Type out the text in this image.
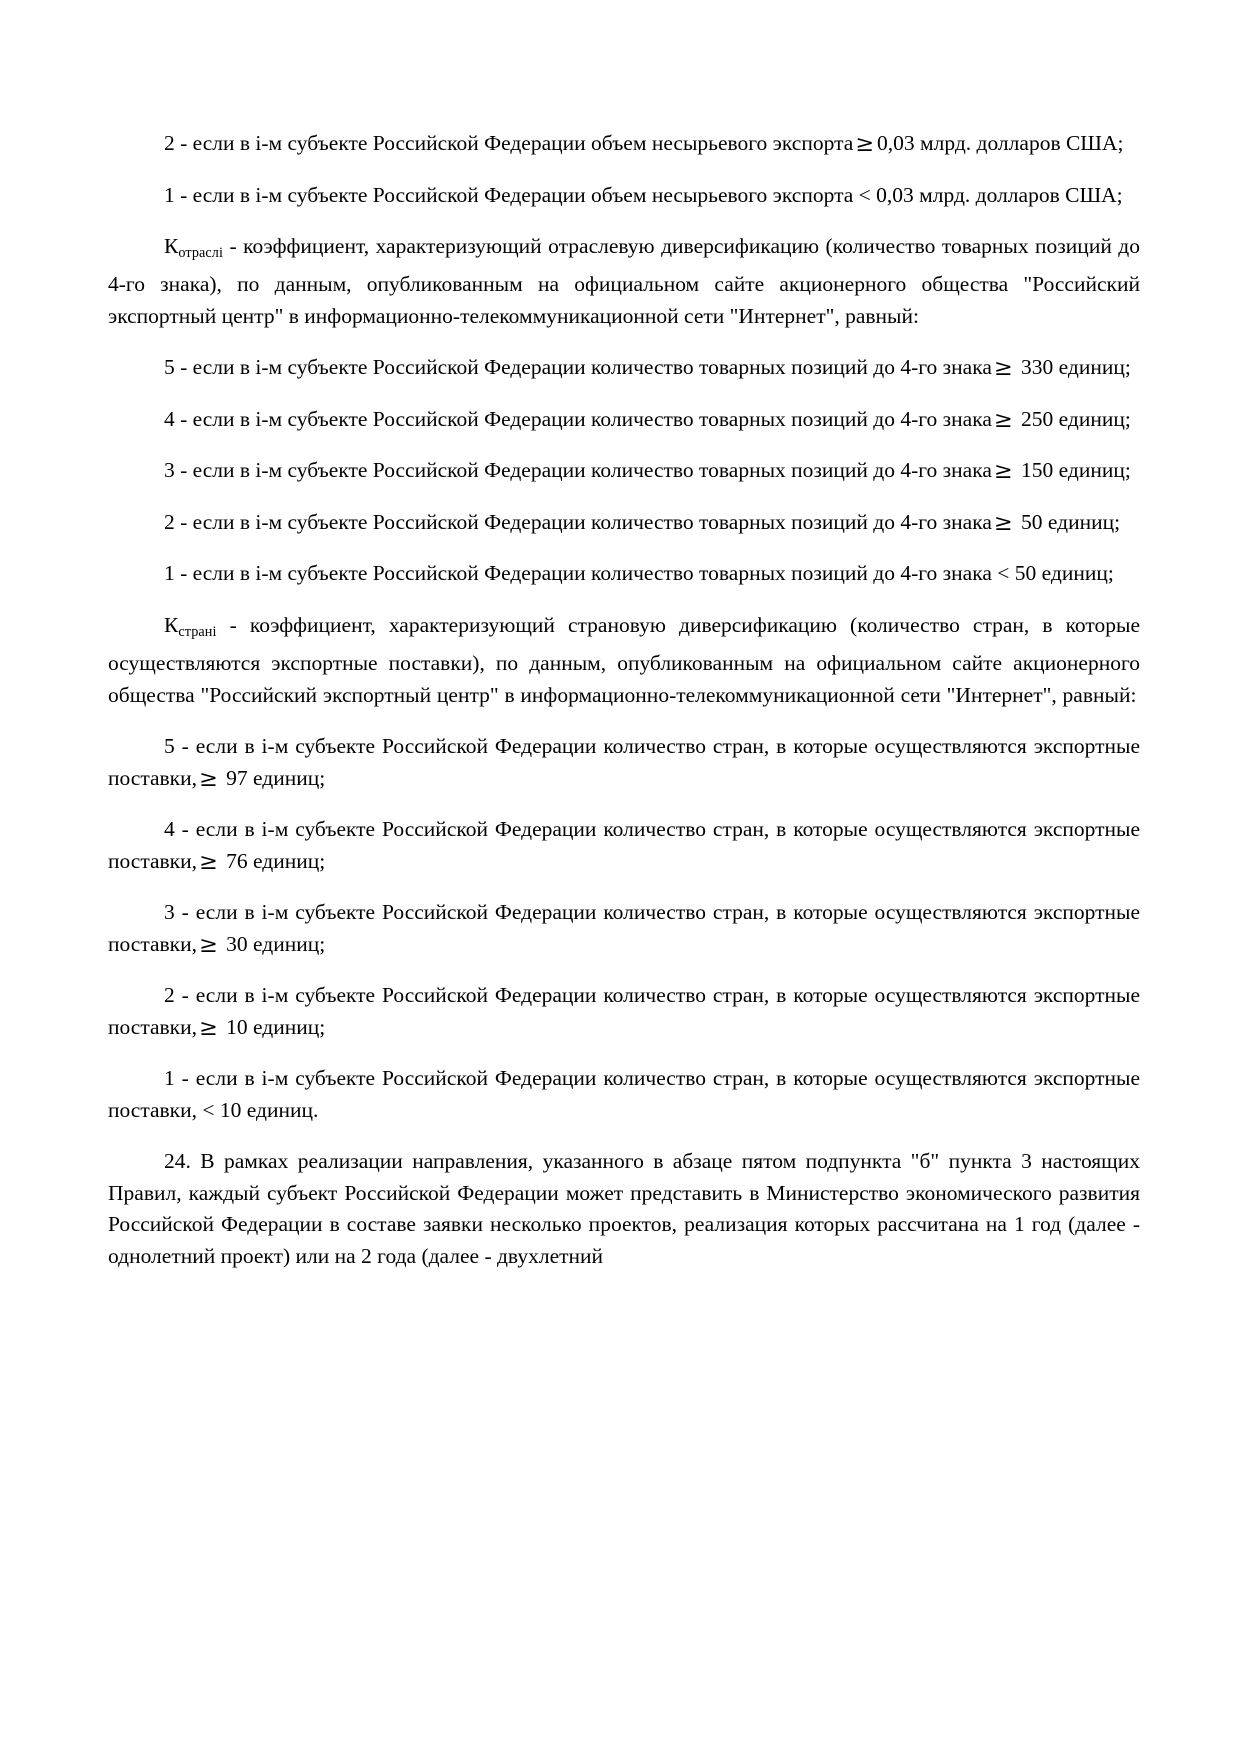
2 - если в i-м субъекте Российской Федерации объем несырьевого экспорта≥ 0,03 млрд. долларов США;

1 - если в i-м субъекте Российской Федерации объем несырьевого экспорта < 0,03 млрд. долларов США;

$К_{отраслi}$ - коэффициент, характеризующий отраслевую диверсификацию (количество товарных позиций до 4-го знака), по данным, опубликованным на официальном сайте акционерного общества "Российский экспортный центр" в информационно-телекоммуникационной сети "Интернет", равный:

5 - если в i-м субъекте Российской Федерации количество товарных позиций до 4-го знака≥ 330 единиц;

4 - если в i-м субъекте Российской Федерации количество товарных позиций до 4-го знака≥ 250 единиц;

3 - если в i-м субъекте Российской Федерации количество товарных позиций до 4-го знака≥ 150 единиц;

2 - если в i-м субъекте Российской Федерации количество товарных позиций до 4-го знака≥ 50 единиц;

1 - если в i-м субъекте Российской Федерации количество товарных позиций до 4-го знака < 50 единиц;

$К_{страні}$ - коэффициент, характеризующий страновую диверсификацию (количество стран, в которые осуществляются экспортные поставки), по данным, опубликованным на официальном сайте акционерного общества "Российский экспортный центр" в информационно-телекоммуникационной сети "Интернет", равный:

5 - если в i-м субъекте Российской Федерации количество стран, в которые осуществляются экспортные поставки,≥ 97 единиц;

4 - если в i-м субъекте Российской Федерации количество стран, в которые осуществляются экспортные поставки,≥ 76 единиц;

3 - если в i-м субъекте Российской Федерации количество стран, в которые осуществляются экспортные поставки,≥ 30 единиц;

2 - если в i-м субъекте Российской Федерации количество стран, в которые осуществляются экспортные поставки,≥ 10 единиц;

1 - если в i-м субъекте Российской Федерации количество стран, в которые осуществляются экспортные поставки, < 10 единиц.

24. В рамках реализации направления, указанного в абзаце пятом подпункта "б" пункта 3 настоящих Правил, каждый субъект Российской Федерации может представить в Министерство экономического развития Российской Федерации в составе заявки несколько проектов, реализация которых рассчитана на 1 год (далее - однолетний проект) или на 2 года (далее - двухлетний
